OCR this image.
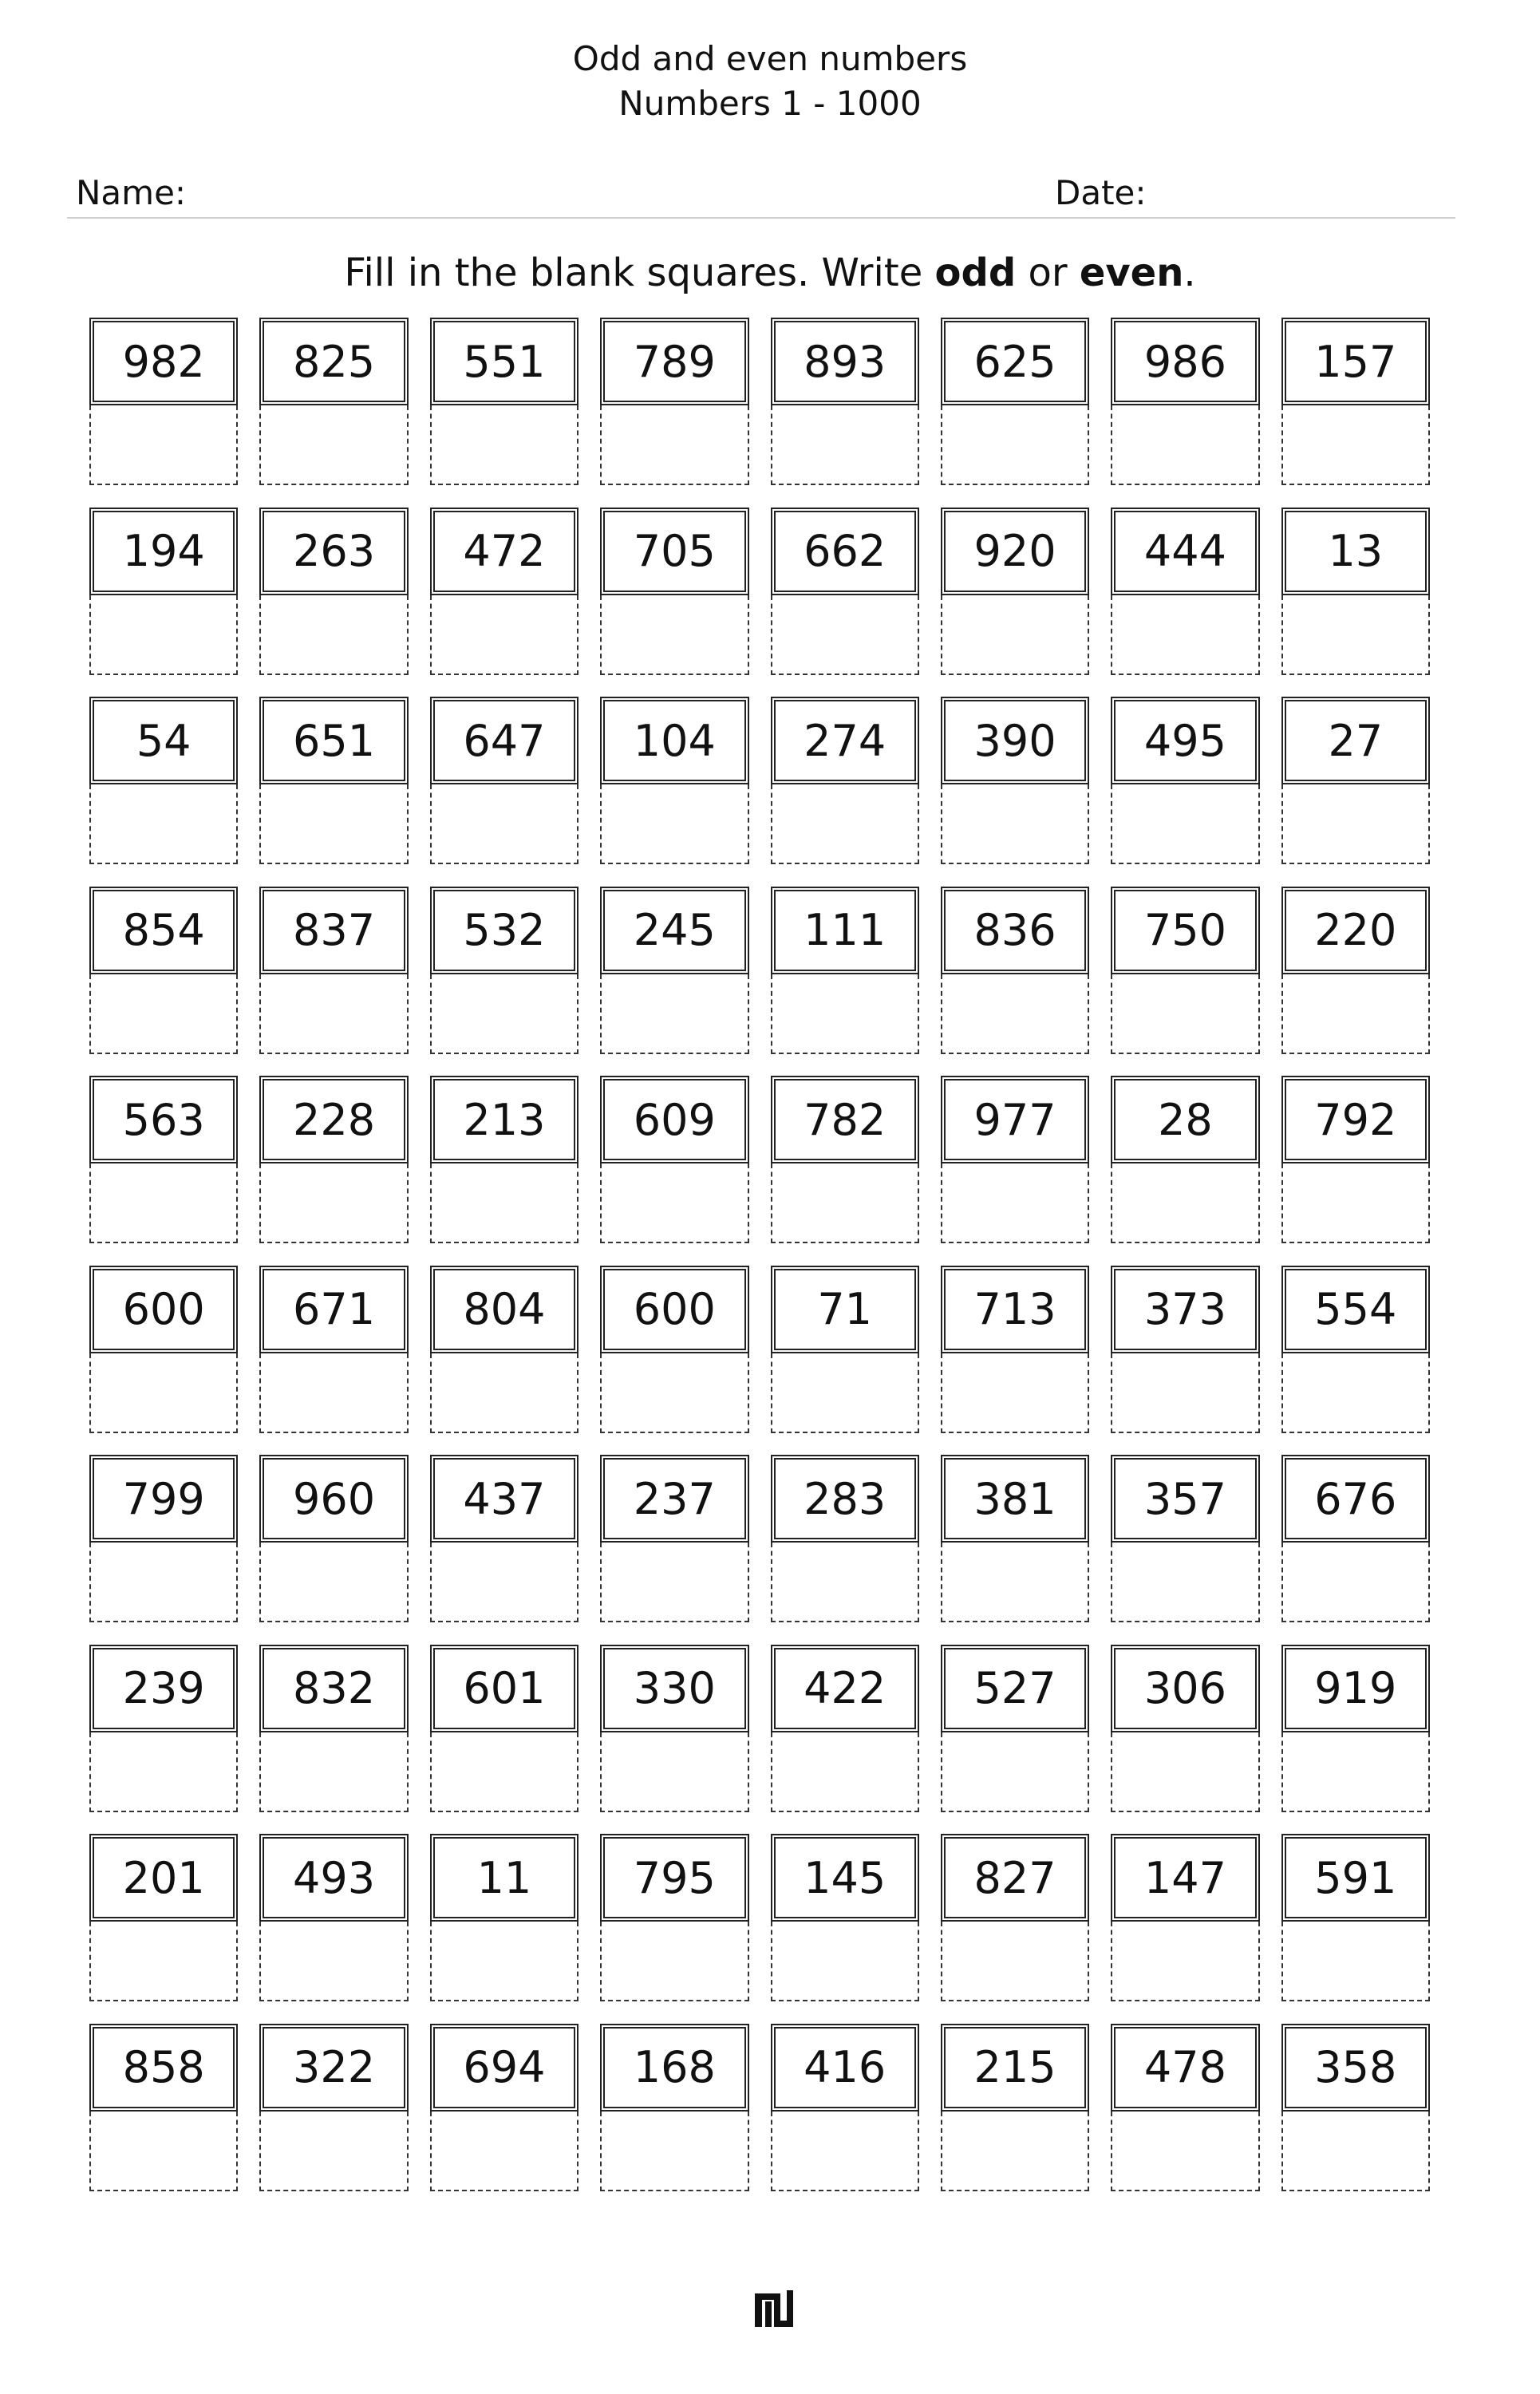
Odd and even numbers
Numbers 1 - 1000
Name:	Date:
Fill in the blank squares. Write odd or even.
982	825	551	789	893	625	986	157
194	263	472	705	662	920	444	13
54	651	647	104	274	390	495	27
854	837	532	245	111	836	750	220
563	228	213	609	782	977	28	792
600	671	804	600	71	713	373	554
799	960	437	237	283	381	357	676
239	832	601	330	422	527	306	919
201	493	11	795	145	827	147	591
858	322	694	168	416	215	478	358
